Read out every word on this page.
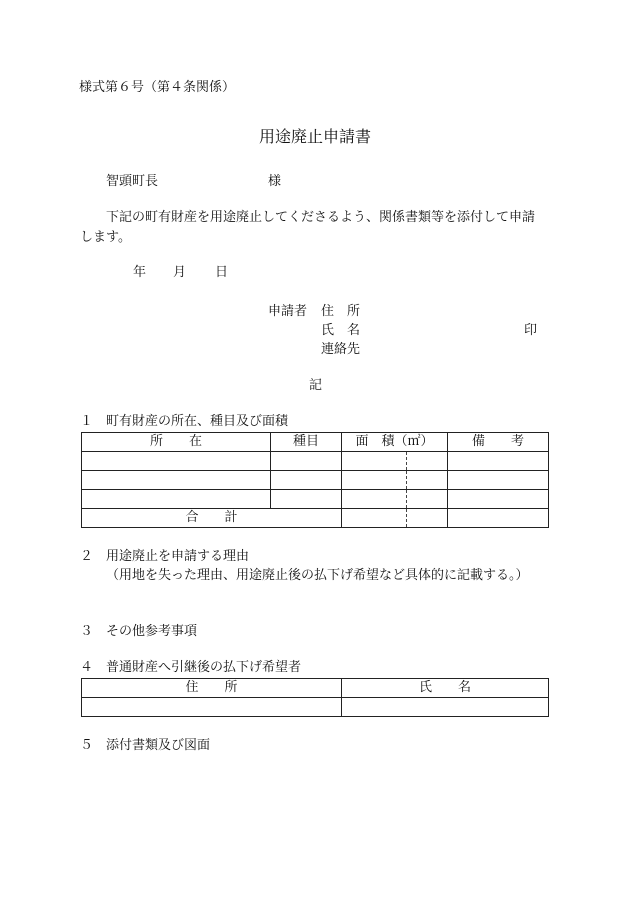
様式第６号（第４条関係）
用途廃止申請書
智頭町長	様
下記の町有財産を用途廃止してくださるよう、関係書類等を添付して申請
します。
年 月 日
申請者 住　所
氏　名	印
連絡先
記
１　町有財産の所在、種目及び面積
所　　在	種目	面　積（㎡）		備　　考

合　　計				
２　用途廃止を申請する理由
（用地を失った理由、用途廃止後の払下げ希望など具体的に記載する。）
３　その他参考事項
４　普通財産へ引継後の払下げ希望者
住　　所	氏　　名

５　添付書類及び図面
